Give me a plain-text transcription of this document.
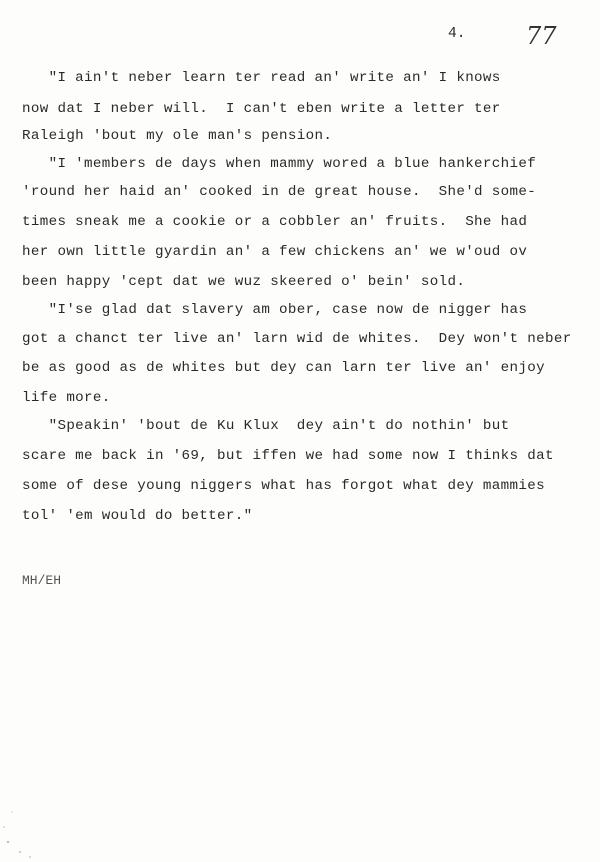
4.	77
"I ain't neber learn ter read an' write an' I knows
now dat I neber will.  I can't eben write a letter ter
Raleigh 'bout my ole man's pension.
"I 'members de days when mammy wored a blue hankerchief
'round her haid an' cooked in de great house.  She'd some-
times sneak me a cookie or a cobbler an' fruits.  She had
her own little gyardin an' a few chickens an' we w'oud ov
been happy 'cept dat we wuz skeered o' bein' sold.
"I'se glad dat slavery am ober, case now de nigger has
got a chanct ter live an' larn wid de whites.  Dey won't neber
be as good as de whites but dey can larn ter live an' enjoy
life more.
"Speakin' 'bout de Ku Klux  dey ain't do nothin' but
scare me back in '69, but iffen we had some now I thinks dat
some of dese young niggers what has forgot what dey mammies
tol' 'em would do better."
MH/EH
